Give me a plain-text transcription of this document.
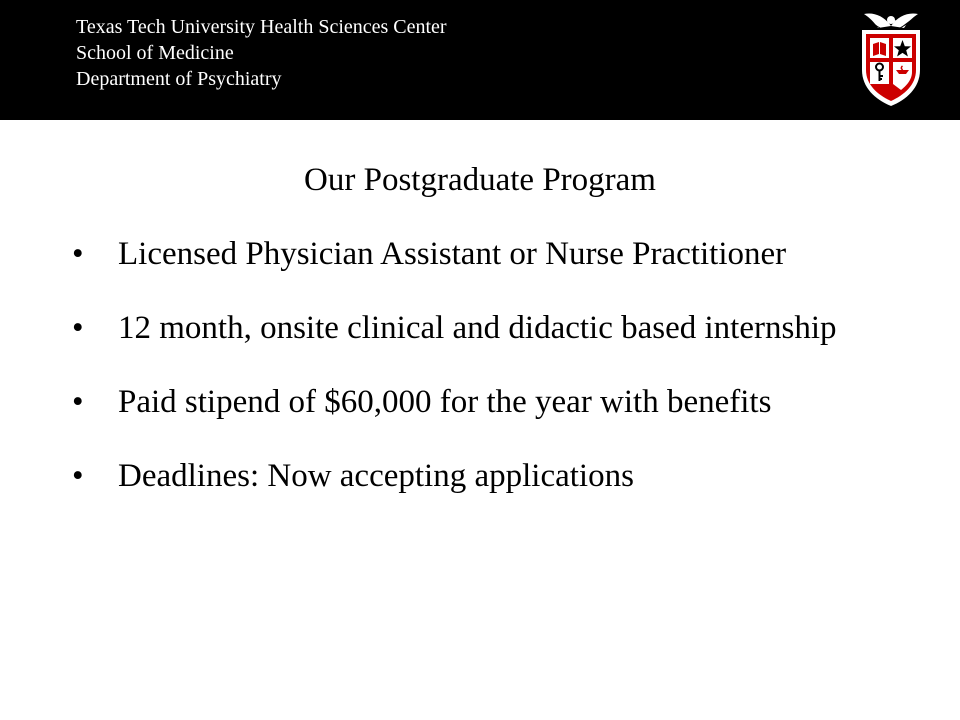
Texas Tech University Health Sciences Center
School of Medicine
Department of Psychiatry
Our Postgraduate Program
• Licensed Physician Assistant or Nurse Practitioner
• 12 month, onsite clinical and didactic based internship
• Paid stipend of $60,000 for the year with benefits
• Deadlines: Now accepting applications
